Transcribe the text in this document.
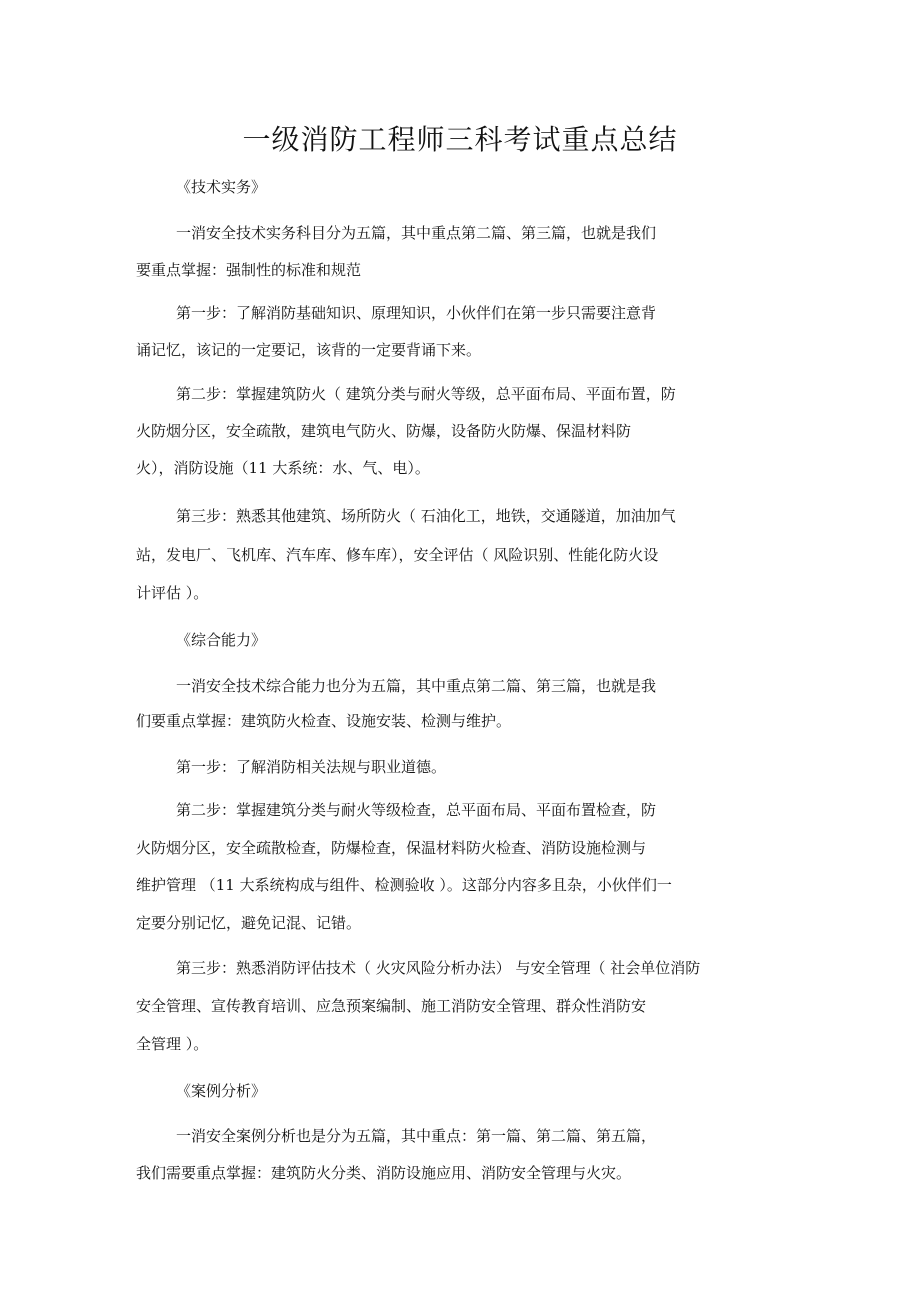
一级消防工程师三科考试重点总结

《技术实务》

一消安全技术实务科目分为五篇，其中重点第二篇、第三篇，也就是我们

要重点掌握：强制性的标准和规范

第一步：了解消防基础知识、原理知识，小伙伴们在第一步只需要注意背

诵记忆，该记的一定要记，该背的一定要背诵下来。

第二步：掌握建筑防火（ 建筑分类与耐火等级，总平面布局、平面布置，防

火防烟分区，安全疏散，建筑电气防火、防爆，设备防火防爆、保温材料防

火），消防设施（11 大系统：水、气、电）。

第三步：熟悉其他建筑、场所防火（ 石油化工，地铁，交通隧道，加油加气

站，发电厂、飞机库、汽车库、修车库），安全评估（ 风险识别、性能化防火设

计评估 ）。

《综合能力》

一消安全技术综合能力也分为五篇，其中重点第二篇、第三篇，也就是我

们要重点掌握：建筑防火检查、设施安装、检测与维护。

第一步：了解消防相关法规与职业道德。

第二步：掌握建筑分类与耐火等级检查，总平面布局、平面布置检查，防

火防烟分区，安全疏散检查，防爆检查，保温材料防火检查、消防设施检测与

维护管理 （11 大系统构成与组件、检测验收 ）。这部分内容多且杂，小伙伴们一

定要分别记忆，避免记混、记错。

第三步：熟悉消防评估技术（ 火灾风险分析办法） 与安全管理（ 社会单位消防

安全管理、宣传教育培训、应急预案编制、施工消防安全管理、群众性消防安

全管理 ）。

《案例分析》

一消安全案例分析也是分为五篇，其中重点：第一篇、第二篇、第五篇，

我们需要重点掌握：建筑防火分类、消防设施应用、消防安全管理与火灾。
